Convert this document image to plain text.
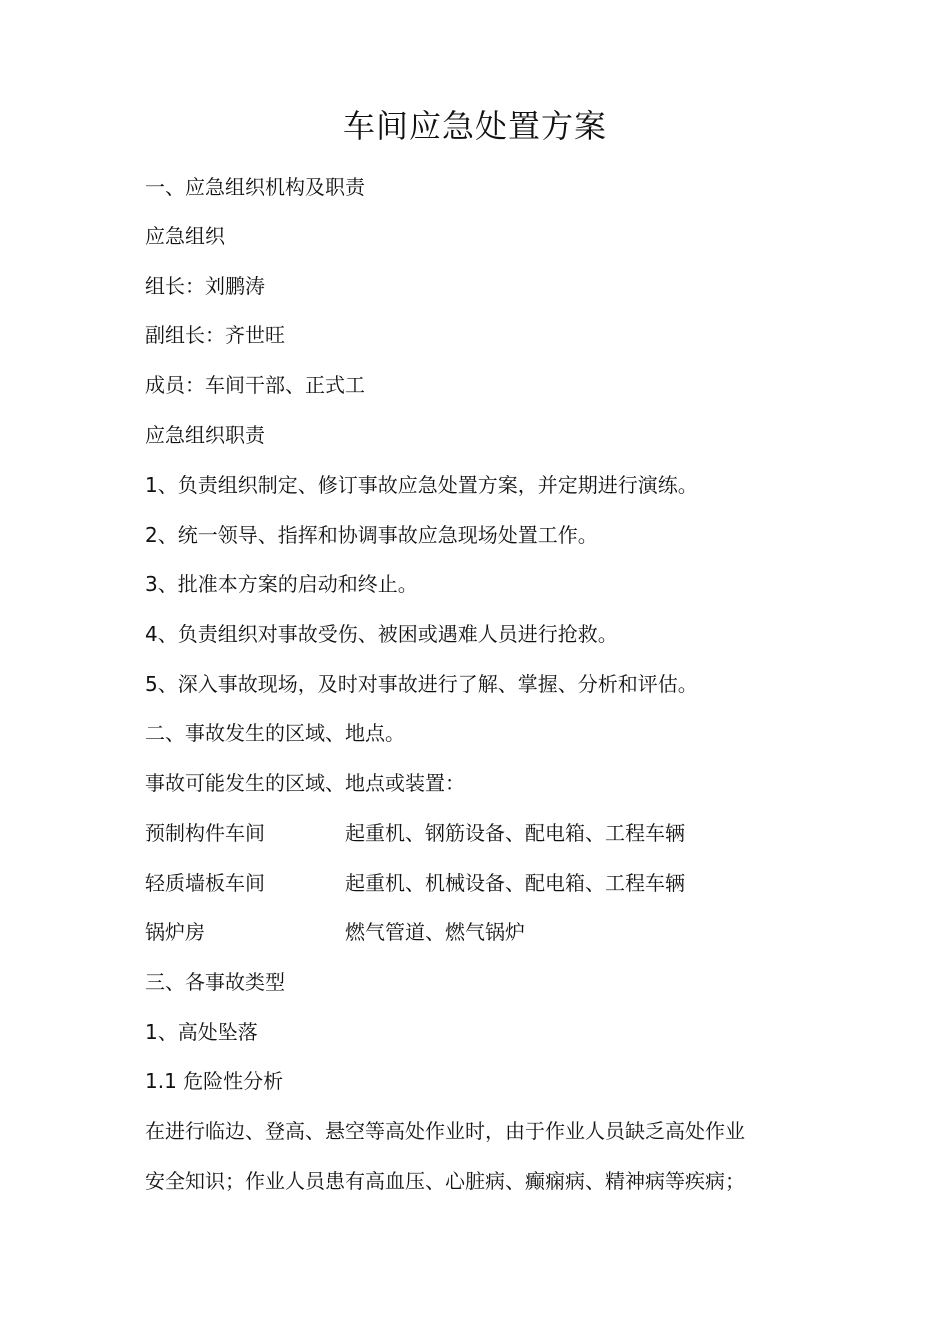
车间应急处置方案
一、应急组织机构及职责
应急组织
组长：刘鹏涛
副组长：齐世旺
成员：车间干部、正式工
应急组织职责
1、负责组织制定、修订事故应急处置方案，并定期进行演练。
2、统一领导、指挥和协调事故应急现场处置工作。
3、批准本方案的启动和终止。
4、负责组织对事故受伤、被困或遇难人员进行抢救。
5、深入事故现场，及时对事故进行了解、掌握、分析和评估。
二、事故发生的区域、地点。
事故可能发生的区域、地点或装置：
预制构件车间	起重机、钢筋设备、配电箱、工程车辆
轻质墙板车间	起重机、机械设备、配电箱、工程车辆
锅炉房	燃气管道、燃气锅炉
三、各事故类型
1、高处坠落
1.1 危险性分析
在进行临边、登高、悬空等高处作业时，由于作业人员缺乏高处作业
安全知识；作业人员患有高血压、心脏病、癫痫病、精神病等疾病；
